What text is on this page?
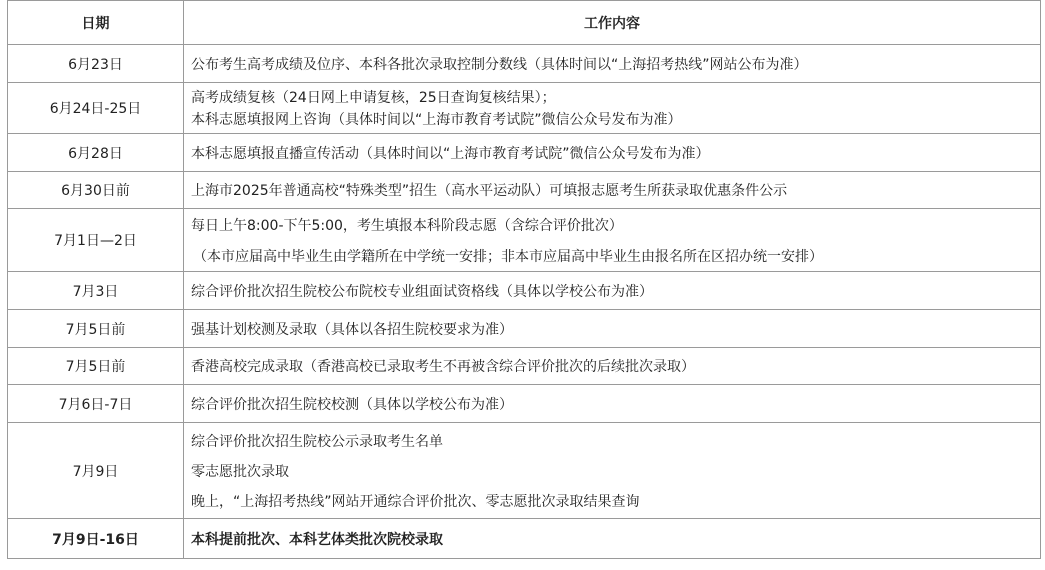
日期	工作内容
6月23日	公布考生高考成绩及位序、本科各批次录取控制分数线（具体时间以“上海招考热线”网站公布为准）

6月24日-25日	高考成绩复核（24日网上申请复核，25日查询复核结果）；
本科志愿填报网上咨询（具体时间以“上海市教育考试院”微信公众号发布为准）

6月28日	本科志愿填报直播宣传活动（具体时间以“上海市教育考试院”微信公众号发布为准）

6月30日前	上海市2025年普通高校“特殊类型”招生（高水平运动队）可填报志愿考生所获录取优惠条件公示

7月1日—2日	每日上午8:00-下午5:00，考生填报本科阶段志愿（含综合评价批次）
（本市应届高中毕业生由学籍所在中学统一安排；非本市应届高中毕业生由报名所在区招办统一安排）

7月3日	综合评价批次招生院校公布院校专业组面试资格线（具体以学校公布为准）

7月5日前	强基计划校测及录取（具体以各招生院校要求为准）

7月5日前	香港高校完成录取（香港高校已录取考生不再被含综合评价批次的后续批次录取）

7月6日-7日	综合评价批次招生院校校测（具体以学校公布为准）

7月9日	综合评价批次招生院校公示录取考生名单
零志愿批次录取
晚上，“上海招考热线”网站开通综合评价批次、零志愿批次录取结果查询

7月9日-16日	本科提前批次、本科艺体类批次院校录取
